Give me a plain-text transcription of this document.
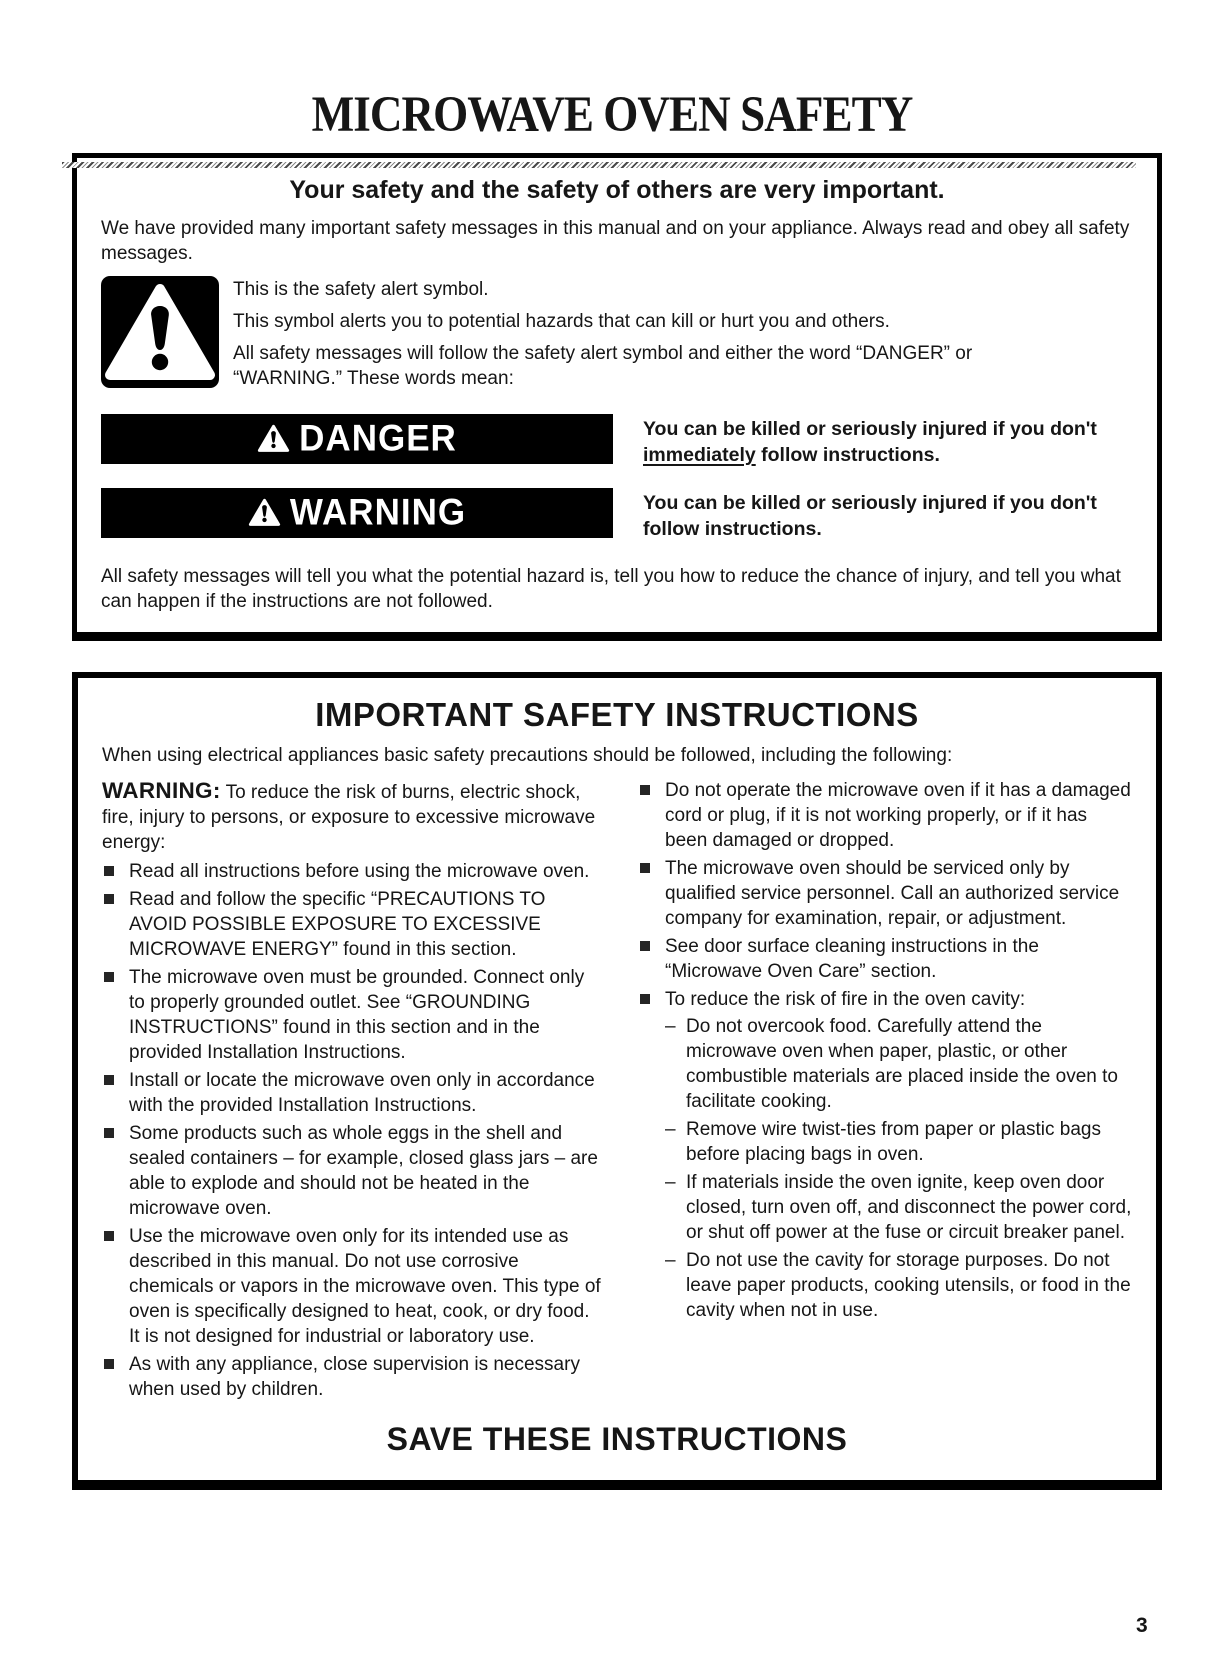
MICROWAVE OVEN SAFETY
Your safety and the safety of others are very important.

We have provided many important safety messages in this manual and on your appliance. Always read and obey all safety messages.

This is the safety alert symbol.

This symbol alerts you to potential hazards that can kill or hurt you and others.

All safety messages will follow the safety alert symbol and either the word “DANGER” or “WARNING.” These words mean:

DANGER	You can be killed or seriously injured if you don't immediately follow instructions.

WARNING	You can be killed or seriously injured if you don't follow instructions.

All safety messages will tell you what the potential hazard is, tell you how to reduce the chance of injury, and tell you what can happen if the instructions are not followed.

IMPORTANT SAFETY INSTRUCTIONS

When using electrical appliances basic safety precautions should be followed, including the following:

WARNING: To reduce the risk of burns, electric shock, fire, injury to persons, or exposure to excessive microwave energy:

Read all instructions before using the microwave oven.
Read and follow the specific “PRECAUTIONS TO AVOID POSSIBLE EXPOSURE TO EXCESSIVE MICROWAVE ENERGY” found in this section.
The microwave oven must be grounded. Connect only to properly grounded outlet. See “GROUNDING INSTRUCTIONS” found in this section and in the provided Installation Instructions.
Install or locate the microwave oven only in accordance with the provided Installation Instructions.
Some products such as whole eggs in the shell and sealed containers – for example, closed glass jars – are able to explode and should not be heated in the microwave oven.
Use the microwave oven only for its intended use as described in this manual. Do not use corrosive chemicals or vapors in the microwave oven. This type of oven is specifically designed to heat, cook, or dry food. It is not designed for industrial or laboratory use.
As with any appliance, close supervision is necessary when used by children.
Do not operate the microwave oven if it has a damaged cord or plug, if it is not working properly, or if it has been damaged or dropped.
The microwave oven should be serviced only by qualified service personnel. Call an authorized service company for examination, repair, or adjustment.
See door surface cleaning instructions in the “Microwave Oven Care” section.
To reduce the risk of fire in the oven cavity:
– Do not overcook food. Carefully attend the microwave oven when paper, plastic, or other combustible materials are placed inside the oven to facilitate cooking.
– Remove wire twist-ties from paper or plastic bags before placing bags in oven.
– If materials inside the oven ignite, keep oven door closed, turn oven off, and disconnect the power cord, or shut off power at the fuse or circuit breaker panel.
– Do not use the cavity for storage purposes. Do not leave paper products, cooking utensils, or food in the cavity when not in use.
SAVE THESE INSTRUCTIONS
3
